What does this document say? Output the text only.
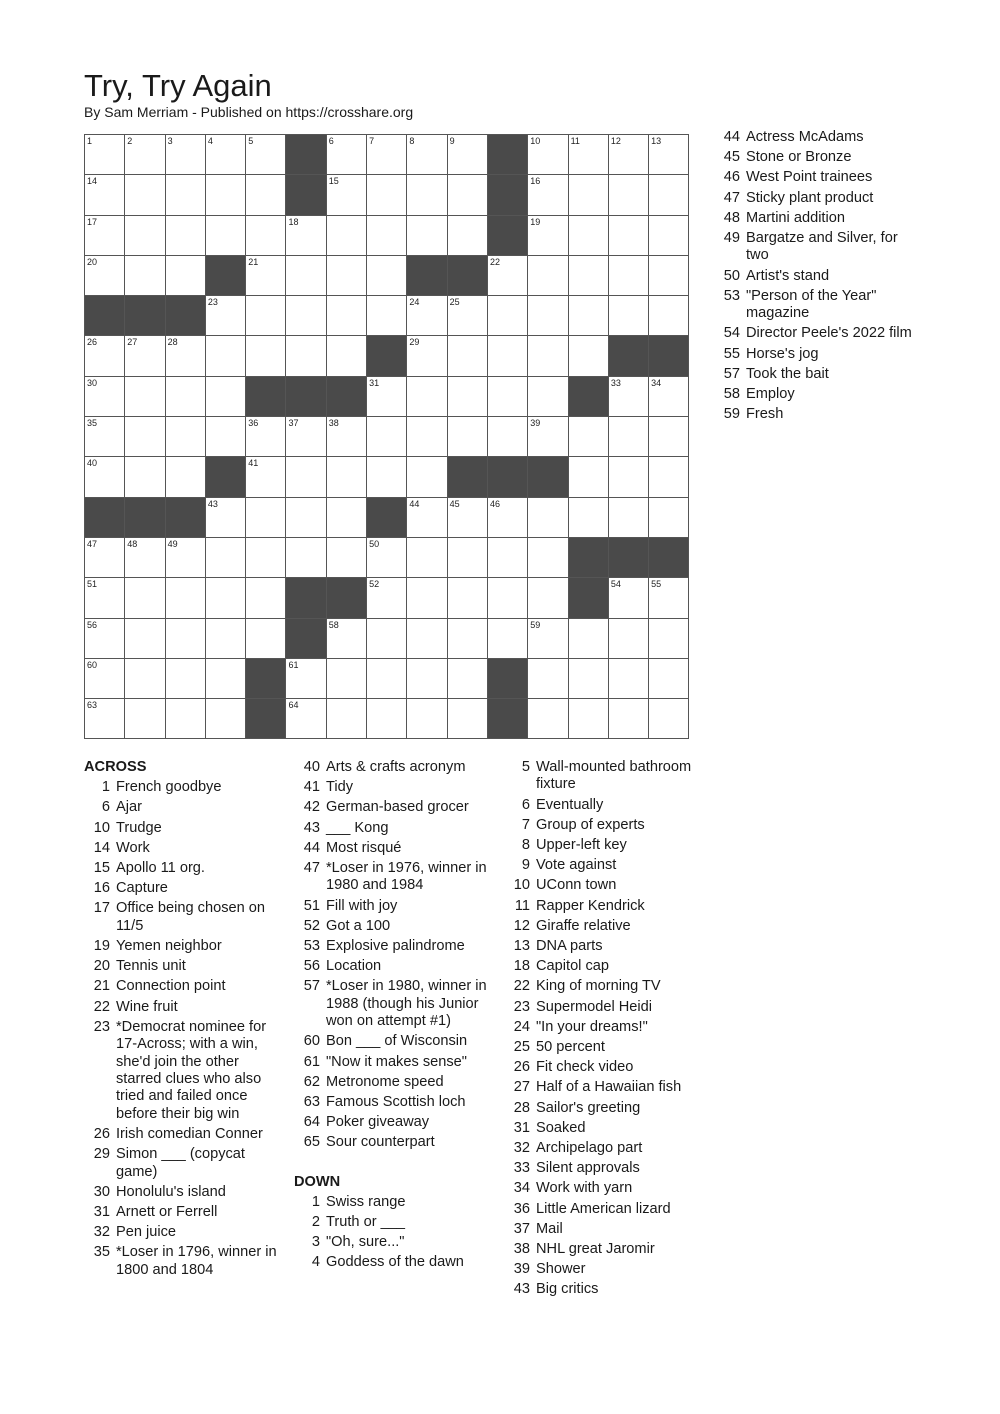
Try, Try Again
By Sam Merriam - Published on https://crosshare.org
1	2	3	4	5	6	7	8	9	10	11	12	13
14	15	16
17	18	19
20	21	22
23	24	25
26	27	28	29
30	31	33	34
35	36	37	38	39
40	41
43	44	45	46
47	48	49	50
51	52	54	55
56	58	59
60	61
63	64
ACROSS
1 French goodbye
6 Ajar
10 Trudge
14 Work
15 Apollo 11 org.
16 Capture
17 Office being chosen on 11/5
19 Yemen neighbor
20 Tennis unit
21 Connection point
22 Wine fruit
23 *Democrat nominee for 17-Across; with a win, she'd join the other starred clues who also tried and failed once before their big win
26 Irish comedian Conner
29 Simon ___ (copycat game)
30 Honolulu's island
31 Arnett or Ferrell
32 Pen juice
35 *Loser in 1796, winner in 1800 and 1804
40 Arts & crafts acronym
41 Tidy
42 German-based grocer
43 ___ Kong
44 Most risqué
47 *Loser in 1976, winner in 1980 and 1984
51 Fill with joy
52 Got a 100
53 Explosive palindrome
56 Location
57 *Loser in 1980, winner in 1988 (though his Junior won on attempt #1)
60 Bon ___ of Wisconsin
61 "Now it makes sense"
62 Metronome speed
63 Famous Scottish loch
64 Poker giveaway
65 Sour counterpart
DOWN
1 Swiss range
2 Truth or ___
3 "Oh, sure..."
4 Goddess of the dawn
5 Wall-mounted bathroom fixture
6 Eventually
7 Group of experts
8 Upper-left key
9 Vote against
10 UConn town
11 Rapper Kendrick
12 Giraffe relative
13 DNA parts
18 Capitol cap
22 King of morning TV
23 Supermodel Heidi
24 "In your dreams!"
25 50 percent
26 Fit check video
27 Half of a Hawaiian fish
28 Sailor's greeting
31 Soaked
32 Archipelago part
33 Silent approvals
34 Work with yarn
36 Little American lizard
37 Mail
38 NHL great Jaromir
39 Shower
43 Big critics
44 Actress McAdams
45 Stone or Bronze
46 West Point trainees
47 Sticky plant product
48 Martini addition
49 Bargatze and Silver, for two
50 Artist's stand
53 "Person of the Year" magazine
54 Director Peele's 2022 film
55 Horse's jog
57 Took the bait
58 Employ
59 Fresh
